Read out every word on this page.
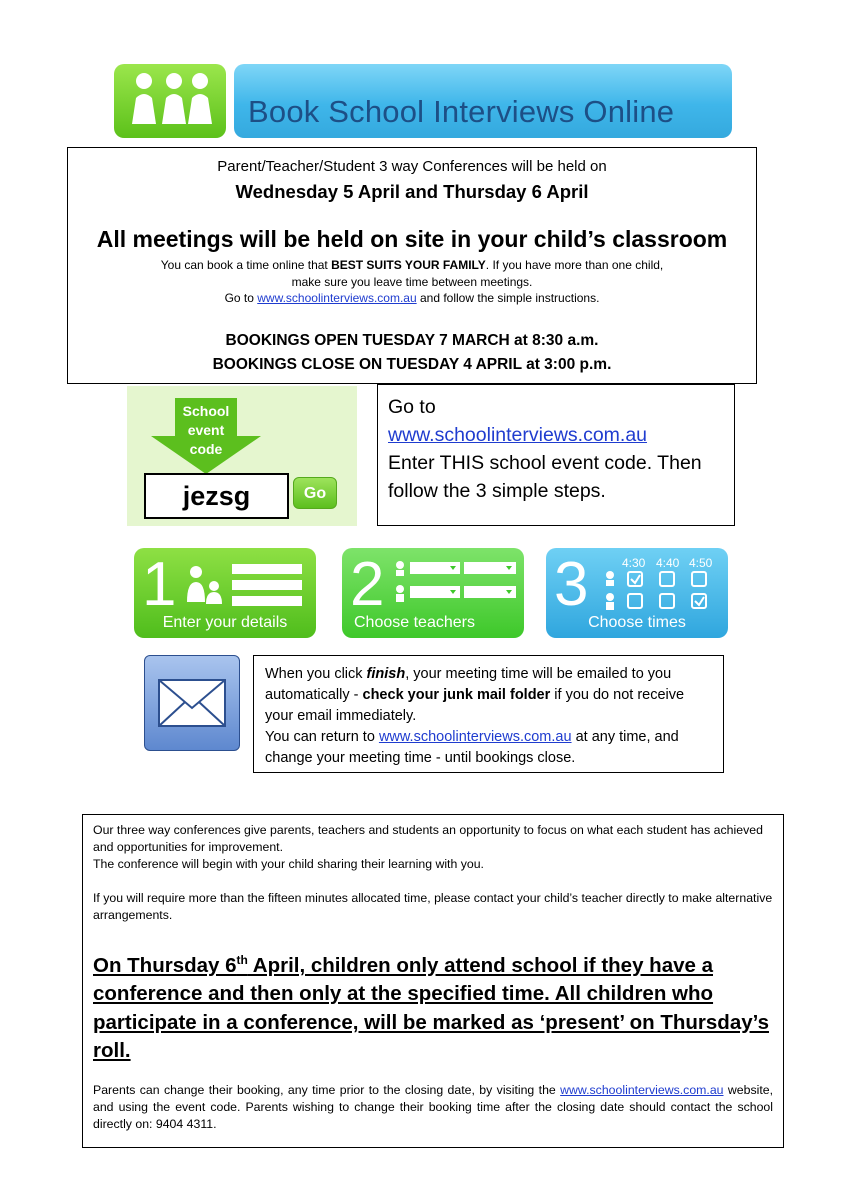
Book School Interviews Online
Parent/Teacher/Student 3 way Conferences will be held on
Wednesday 5 April and Thursday 6 April
All meetings will be held on site in your child’s classroom
You can book a time online that BEST SUITS YOUR FAMILY. If you have more than one child,
make sure you leave time between meetings.
Go to www.schoolinterviews.com.au and follow the simple instructions.
BOOKINGS OPEN TUESDAY 7 MARCH at 8:30 a.m.
BOOKINGS CLOSE ON TUESDAY 4 APRIL at 3:00 p.m.
School event code
jezsg	Go
Go to
www.schoolinterviews.com.au
Enter THIS school event code. Then follow the 3 simple steps.
1
Enter your details
2
Choose teachers
3	4:30 4:40 4:50
Choose times
When you click finish, your meeting time will be emailed to you automatically - check your junk mail folder if you do not receive your email immediately.
You can return to www.schoolinterviews.com.au at any time, and change your meeting time - until bookings close.

Our three way conferences give parents, teachers and students an opportunity to focus on what each student has achieved and opportunities for improvement.

The conference will begin with your child sharing their learning with you.

If you will require more than the fifteen minutes allocated time, please contact your child’s teacher directly to make alternative arrangements.

On Thursday 6th April, children only attend school if they have a conference and then only at the specified time. All children who participate in a conference, will be marked as ‘present’ on Thursday’s roll.

Parents can change their booking, any time prior to the closing date, by visiting the www.schoolinterviews.com.au website, and using the event code. Parents wishing to change their booking time after the closing date should contact the school directly on: 9404 4311.
